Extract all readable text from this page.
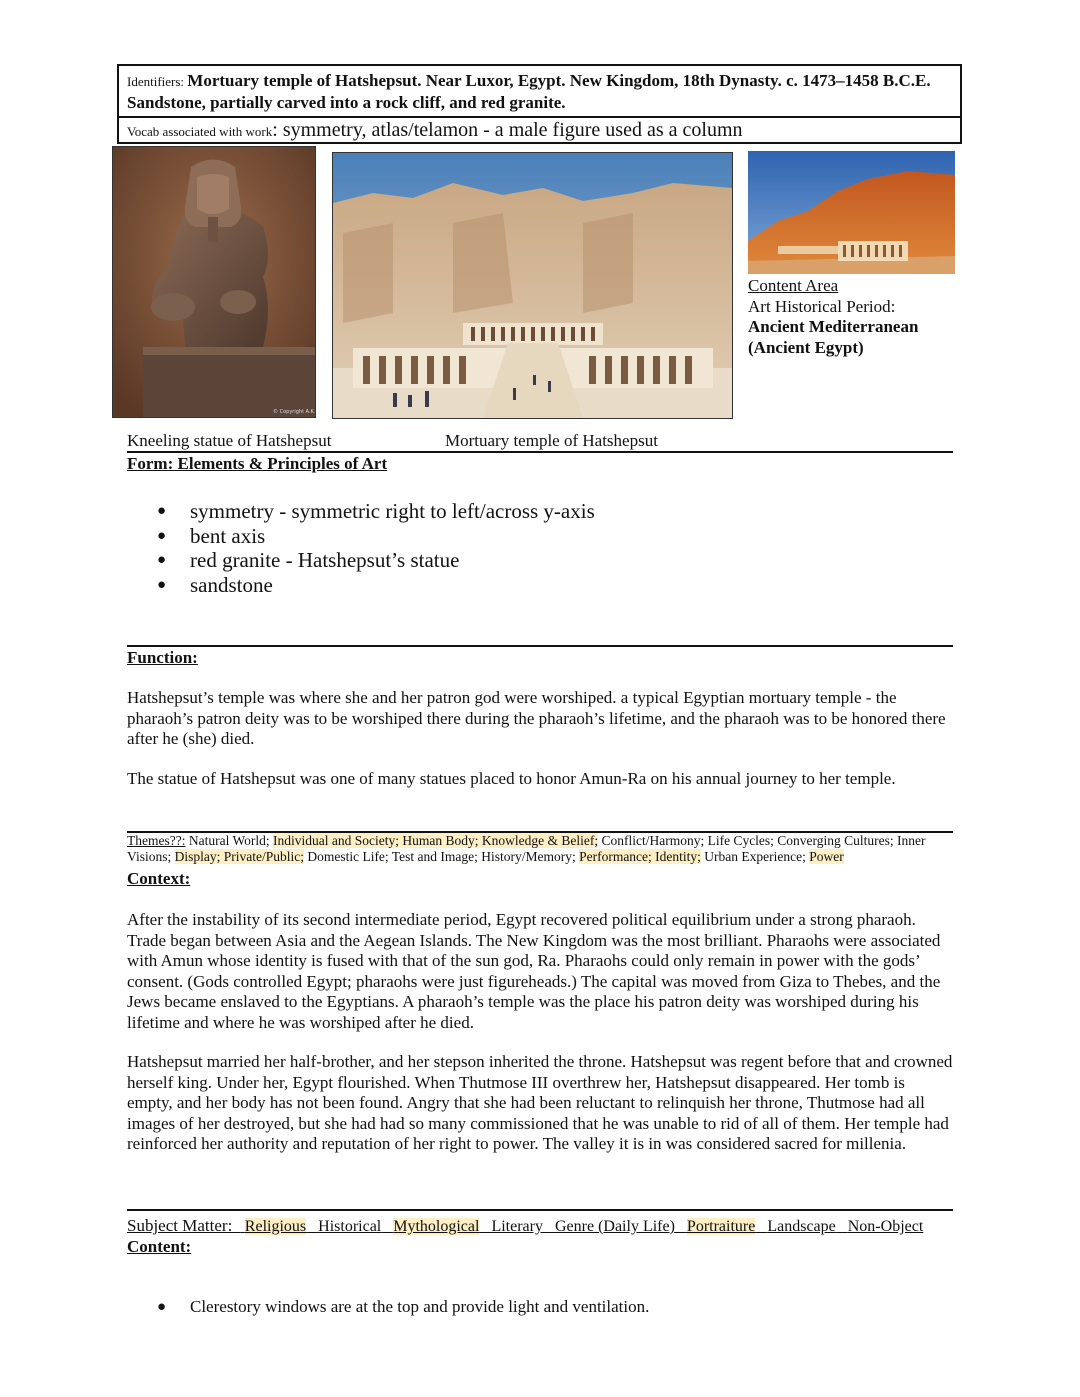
Identifiers: Mortuary temple of Hatshepsut. Near Luxor, Egypt. New Kingdom, 18th Dynasty. c. 1473–1458 B.C.E. Sandstone, partially carved into a rock cliff, and red granite.
Vocab associated with work: symmetry, atlas/telamon - a male figure used as a column
© Copyright A.K.
Content Area
Art Historical Period:
Ancient Mediterranean
(Ancient Egypt)
Kneeling statue of Hatshepsut	Mortuary temple of Hatshepsut
Form: Elements & Principles of Art
● symmetry - symmetric right to left/across y-axis
● bent axis
● red granite - Hatshepsut’s statue
● sandstone
Function:
Hatshepsut’s temple was where she and her patron god were worshiped. a typical Egyptian mortuary temple - the pharaoh’s patron deity was to be worshiped there during the pharaoh’s lifetime, and the pharaoh was to be honored there after he (she) died.
The statue of Hatshepsut was one of many statues placed to honor Amun-Ra on his annual journey to her temple.
Themes??: Natural World; Individual and Society; Human Body; Knowledge & Belief; Conflict/Harmony; Life Cycles; Converging Cultures; Inner Visions; Display; Private/Public; Domestic Life; Test and Image; History/Memory; Performance; Identity; Urban Experience; Power
Context:
After the instability of its second intermediate period, Egypt recovered political equilibrium under a strong pharaoh. Trade began between Asia and the Aegean Islands. The New Kingdom was the most brilliant. Pharaohs were associated with Amun whose identity is fused with that of the sun god, Ra. Pharaohs could only remain in power with the gods’ consent. (Gods controlled Egypt; pharaohs were just figureheads.) The capital was moved from Giza to Thebes, and the Jews became enslaved to the Egyptians. A pharaoh’s temple was the place his patron deity was worshiped during his lifetime and where he was worshiped after he died.
Hatshepsut married her half-brother, and her stepson inherited the throne. Hatshepsut was regent before that and crowned herself king. Under her, Egypt flourished. When Thutmose III overthrew her, Hatshepsut disappeared. Her tomb is empty, and her body has not been found. Angry that she had been reluctant to relinquish her throne, Thutmose had all images of her destroyed, but she had had so many commissioned that he was unable to rid of all of them. Her temple had reinforced her authority and reputation of her right to power. The valley it is in was considered sacred for millenia.
Subject Matter:   Religious Historical Mythological Literary Genre (Daily Life) Portraiture Landscape Non-Object
Content:
● Clerestory windows are at the top and provide light and ventilation.
